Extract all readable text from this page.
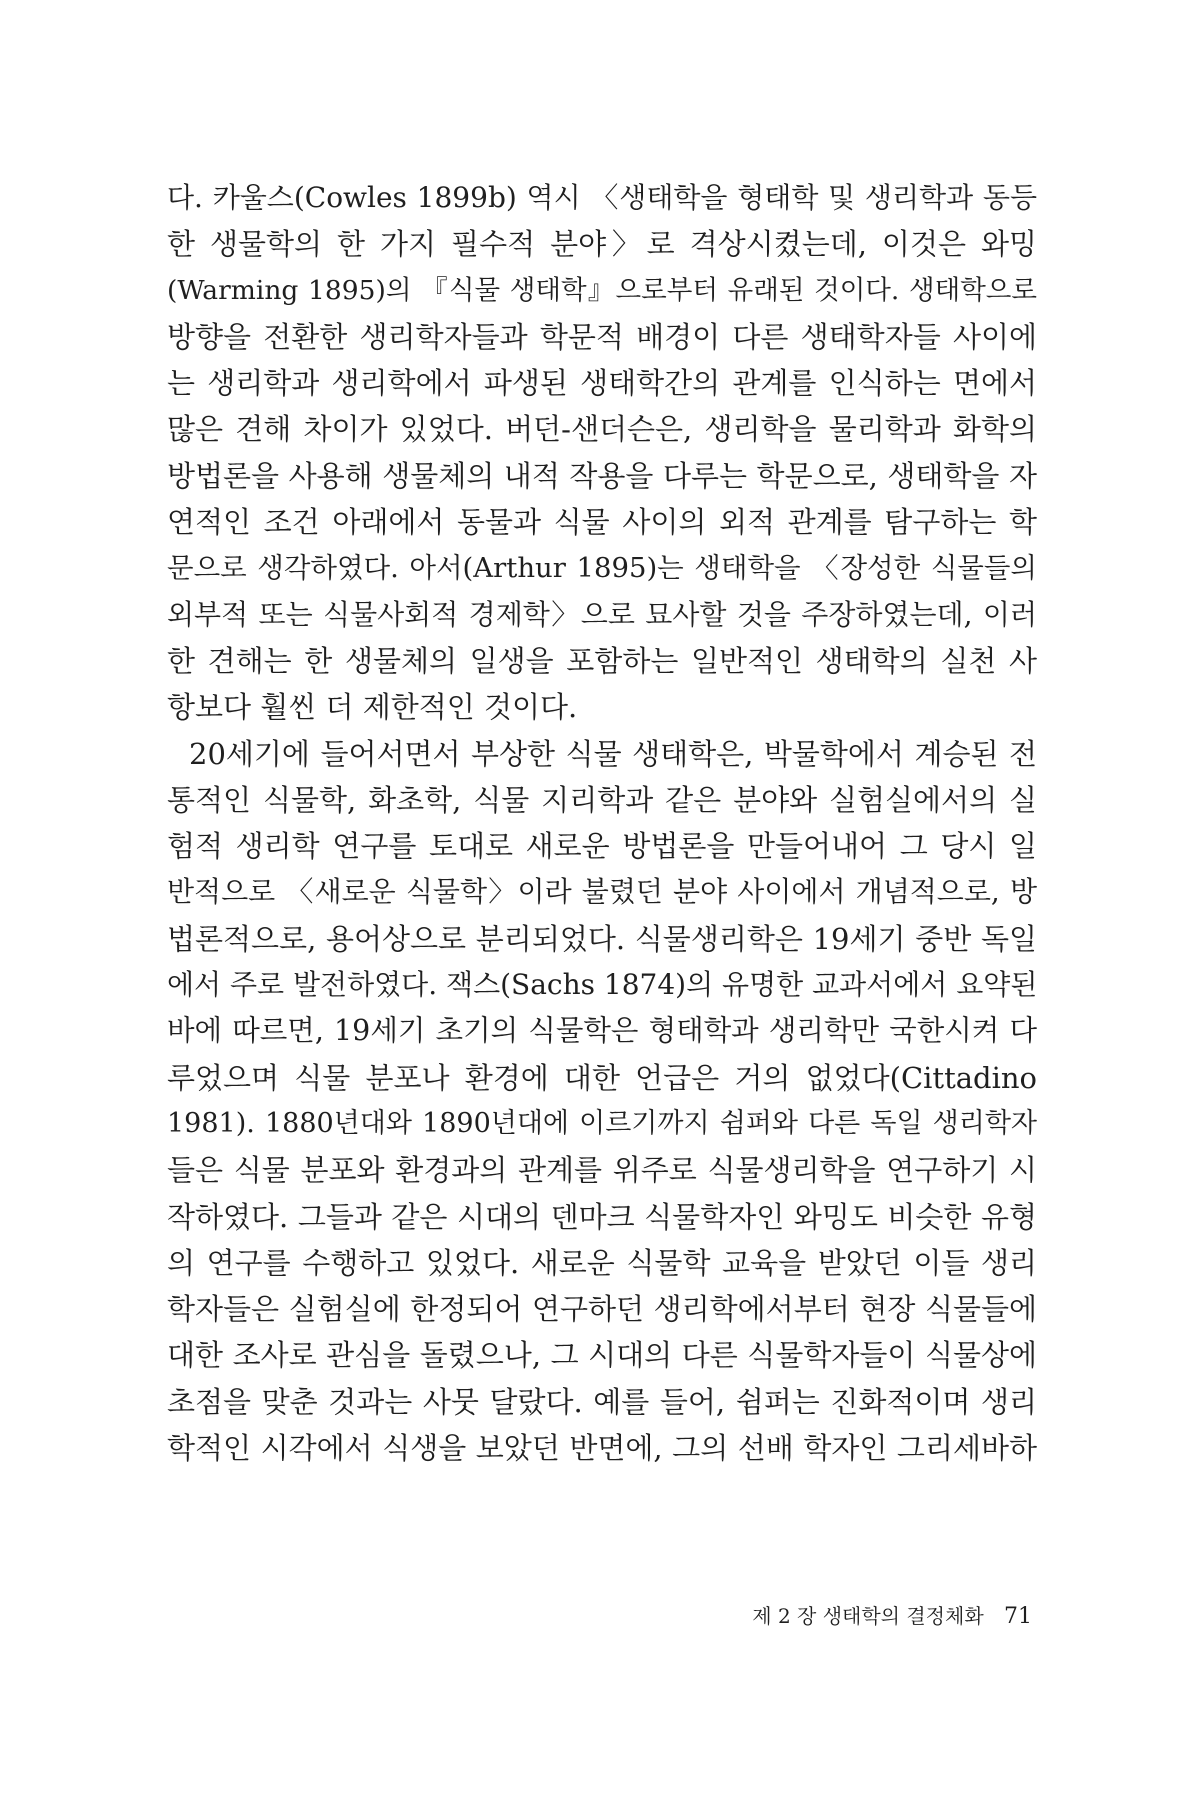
다. 카울스(Cowles 1899b) 역시 〈생태학을 형태학 및 생리학과 동등
한 생물학의 한 가지 필수적 분야〉로 격상시켰는데, 이것은 와밍
(Warming 1895)의 『식물 생태학』으로부터 유래된 것이다. 생태학으로
방향을 전환한 생리학자들과 학문적 배경이 다른 생태학자들 사이에
는 생리학과 생리학에서 파생된 생태학간의 관계를 인식하는 면에서
많은 견해 차이가 있었다. 버던-샌더슨은, 생리학을 물리학과 화학의
방법론을 사용해 생물체의 내적 작용을 다루는 학문으로, 생태학을 자
연적인 조건 아래에서 동물과 식물 사이의 외적 관계를 탐구하는 학
문으로 생각하였다. 아서(Arthur 1895)는 생태학을 〈장성한 식물들의
외부적 또는 식물사회적 경제학〉으로 묘사할 것을 주장하였는데, 이러
한 견해는 한 생물체의 일생을 포함하는 일반적인 생태학의 실천 사
항보다 훨씬 더 제한적인 것이다.
20세기에 들어서면서 부상한 식물 생태학은, 박물학에서 계승된 전
통적인 식물학, 화초학, 식물 지리학과 같은 분야와 실험실에서의 실
험적 생리학 연구를 토대로 새로운 방법론을 만들어내어 그 당시 일
반적으로 〈새로운 식물학〉이라 불렸던 분야 사이에서 개념적으로, 방
법론적으로, 용어상으로 분리되었다. 식물생리학은 19세기 중반 독일
에서 주로 발전하였다. 잭스(Sachs 1874)의 유명한 교과서에서 요약된
바에 따르면, 19세기 초기의 식물학은 형태학과 생리학만 국한시켜 다
루었으며 식물 분포나 환경에 대한 언급은 거의 없었다(Cittadino
1981). 1880년대와 1890년대에 이르기까지 쉼퍼와 다른 독일 생리학자
들은 식물 분포와 환경과의 관계를 위주로 식물생리학을 연구하기 시
작하였다. 그들과 같은 시대의 덴마크 식물학자인 와밍도 비슷한 유형
의 연구를 수행하고 있었다. 새로운 식물학 교육을 받았던 이들 생리
학자들은 실험실에 한정되어 연구하던 생리학에서부터 현장 식물들에
대한 조사로 관심을 돌렸으나, 그 시대의 다른 식물학자들이 식물상에
초점을 맞춘 것과는 사뭇 달랐다. 예를 들어, 쉼퍼는 진화적이며 생리
학적인 시각에서 식생을 보았던 반면에, 그의 선배 학자인 그리세바하
제 2 장 생태학의 결정체화 71
